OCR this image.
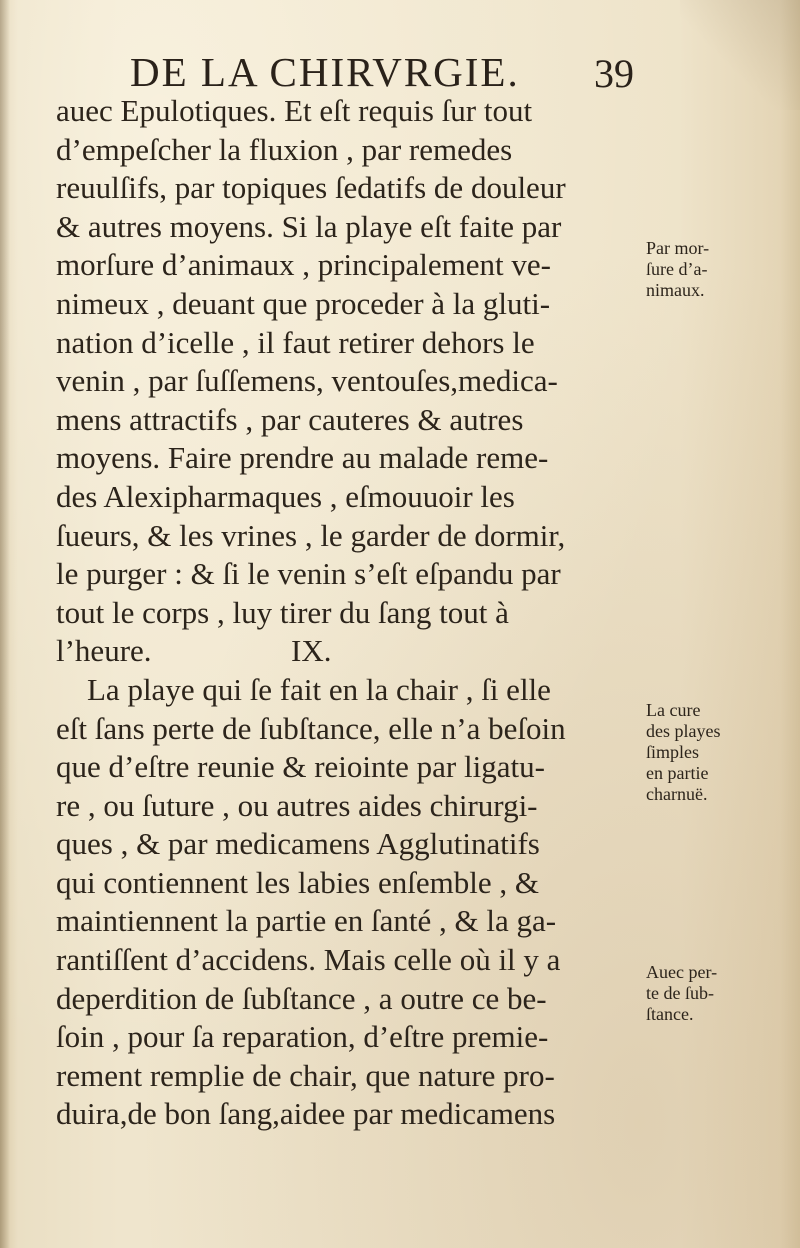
DE LA CHIRVRGIE. 39
auec Epulotiques. Et eſt requis ſur tout
d’empeſcher la fluxion , par remedes
reuulſifs, par topiques ſedatifs de douleur
& autres moyens. Si la playe eſt faite par
morſure d’animaux , principalement ve-
nimeux , deuant que proceder à la gluti-
nation d’icelle , il faut retirer dehors le
venin , par ſuſſemens, ventouſes,medica-
mens attractifs , par cauteres & autres
moyens. Faire prendre au malade reme-
des Alexipharmaques , eſmouuoir les
ſueurs, & les vrines , le garder de dormir,
le purger : & ſi le venin s’eſt eſpandu par
tout le corps , luy tirer du ſang tout à
l’heure.                  IX.
La playe qui ſe fait en la chair , ſi elle
eſt ſans perte de ſubſtance, elle n’a beſoin
que d’eſtre reunie & reiointe par ligatu-
re , ou ſuture , ou autres aides chirurgi-
ques , & par medicamens Agglutinatifs
qui contiennent les labies enſemble , &
maintiennent la partie en ſanté , & la ga-
rantiſſent d’accidens. Mais celle où il y a
deperdition de ſubſtance , a outre ce be-
ſoin , pour ſa reparation, d’eſtre premie-
rement remplie de chair, que nature pro-
duira,de bon ſang,aidee par medicamens
Par mor-
ſure d’a-
nimaux.
La cure
des playes
ſimples
en partie
charnuë.
Auec per-
te de ſub-
ſtance.
